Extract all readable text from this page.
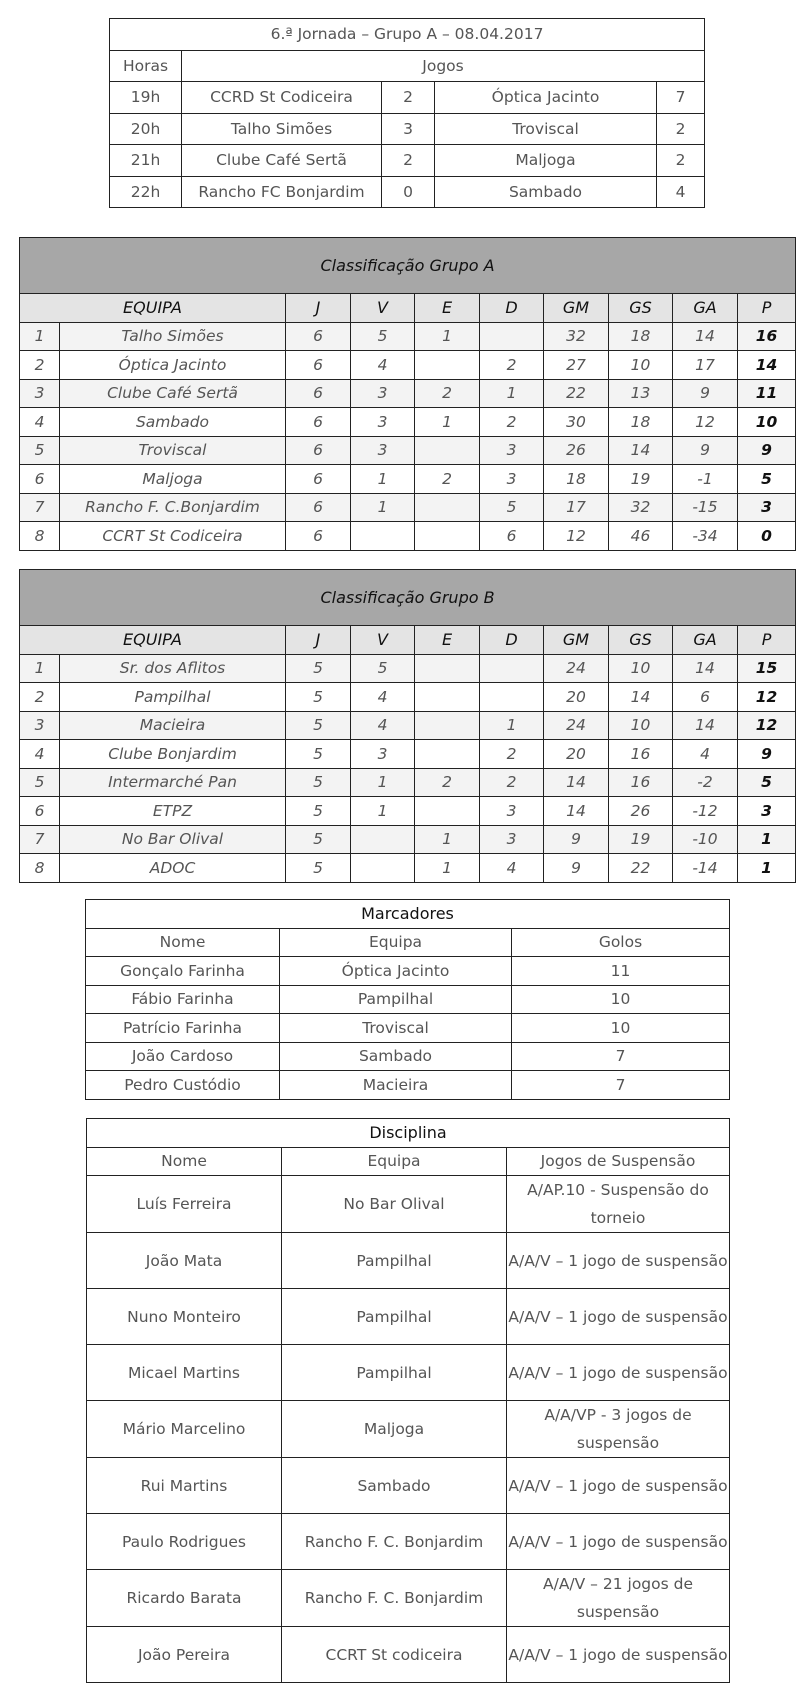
6.ª Jornada – Grupo A – 08.04.2017				
Horas	Jogos			
19h	CCRD St Codiceira	2	Óptica Jacinto	7
20h	Talho Simões	3	Troviscal	2
21h	Clube Café Sertã	2	Maljoga	2
22h	Rancho FC Bonjardim	0	Sambado	4
Classificação Grupo A									
EQUIPA		J	V	E	D	GM	GS	GA	P
1	Talho Simões	6	5	1		32	18	14	16
2	Óptica Jacinto	6	4		2	27	10	17	14
3	Clube Café Sertã	6	3	2	1	22	13	9	11
4	Sambado	6	3	1	2	30	18	12	10
5	Troviscal	6	3		3	26	14	9	9
6	Maljoga	6	1	2	3	18	19	-1	5
7	Rancho F. C.Bonjardim	6	1		5	17	32	-15	3
8	CCRT St Codiceira	6			6	12	46	-34	0
Classificação Grupo B									
EQUIPA		J	V	E	D	GM	GS	GA	P
1	Sr. dos Aflitos	5	5			24	10	14	15
2	Pampilhal	5	4			20	14	6	12
3	Macieira	5	4		1	24	10	14	12
4	Clube Bonjardim	5	3		2	20	16	4	9
5	Intermarché Pan	5	1	2	2	14	16	-2	5
6	ETPZ	5	1		3	14	26	-12	3
7	No Bar Olival	5		1	3	9	19	-10	1
8	ADOC	5		1	4	9	22	-14	1
Marcadores		
Nome	Equipa	Golos
Gonçalo Farinha	Óptica Jacinto	11
Fábio Farinha	Pampilhal	10
Patrício Farinha	Troviscal	10
João Cardoso	Sambado	7
Pedro Custódio	Macieira	7
Disciplina		
Nome	Equipa	Jogos de Suspensão
Luís Ferreira	No Bar Olival	A/AP.10 - Suspensão do torneio
João Mata	Pampilhal	A/A/V – 1 jogo de suspensão
Nuno Monteiro	Pampilhal	A/A/V – 1 jogo de suspensão
Micael Martins	Pampilhal	A/A/V – 1 jogo de suspensão
Mário Marcelino	Maljoga	A/A/VP - 3 jogos de suspensão
Rui Martins	Sambado	A/A/V – 1 jogo de suspensão
Paulo Rodrigues	Rancho F. C. Bonjardim	A/A/V – 1 jogo de suspensão
Ricardo Barata	Rancho F. C. Bonjardim	A/A/V – 21 jogos de suspensão
João Pereira	CCRT St codiceira	A/A/V – 1 jogo de suspensão
